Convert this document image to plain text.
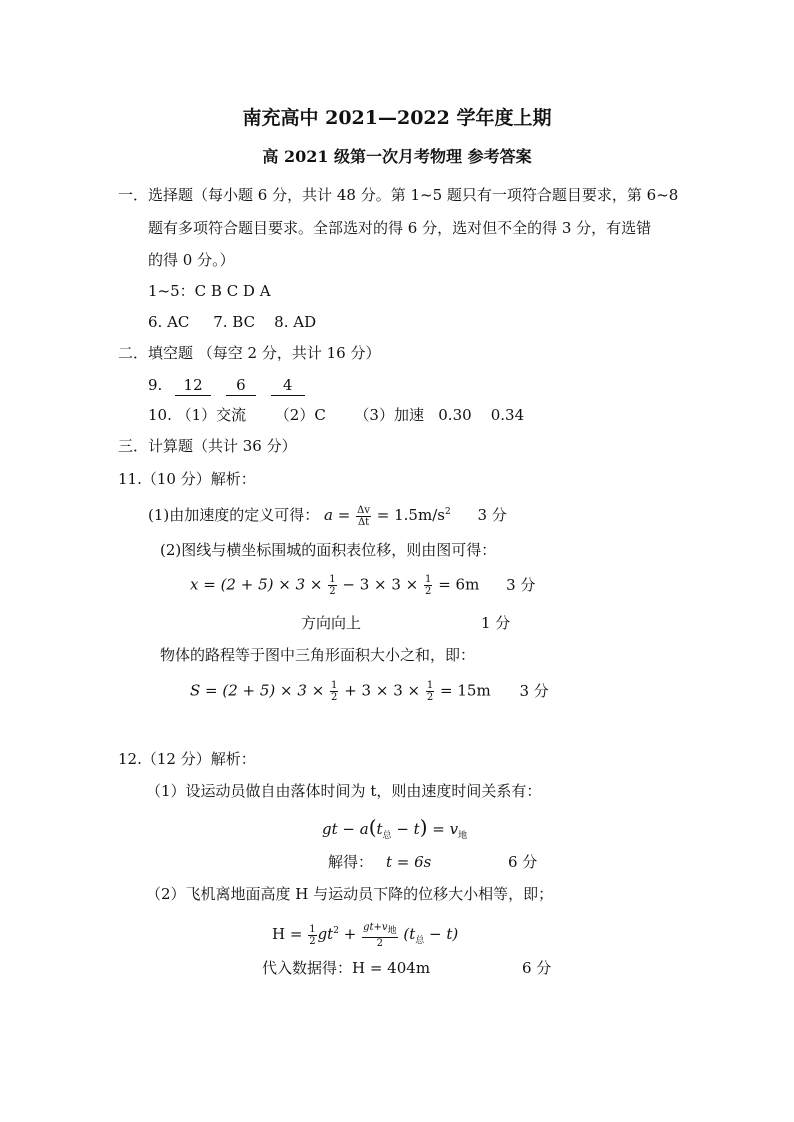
南充高中 2021—2022 学年度上期
高 2021 级第一次月考物理 参考答案
一．选择题（每小题 6 分，共计 48 分。第 1~5 题只有一项符合题目要求，第 6~8
题有多项符合题目要求。全部选对的得 6 分，选对但不全的得 3 分，有选错
的得 0 分。）
1~5：C B C D A
6. AC     7. BC    8. AD
二．填空题 （每空 2 分，共计 16 分）
9. 12 6 4
10. （1）交流      （2）C      （3）加速   0.30    0.34
三．计算题（共计 36 分）
11.（10 分）解析：
(1)由加速度的定义可得： $a = \frac{\Delta v}{\Delta t} = 1.5m/s^2$ 3 分
(2)图线与横坐标围城的面积表位移，则由图可得：
$x = (2 + 5) \times 3 \times \frac{1}{2} - 3 \times 3 \times \frac{1}{2} = 6m$ 3 分
方向向上	1 分
物体的路程等于图中三角形面积大小之和，即：
$S = (2 + 5) \times 3 \times \frac{1}{2} + 3 \times 3 \times \frac{1}{2} = 15m$ 3 分
12.（12 分）解析：
（1）设运动员做自由落体时间为 t，则由速度时间关系有：
gt − $a(t_总 - t) = v_地$
解得： t = 6s	6 分
（2）飞机离地面高度 H 与运动员下降的位移大小相等，即；
$H = \frac{1}{2} gt^2 + \frac{gt+v_地}{2} (t_总 - t)$
代入数据得： H = 404m	6 分
